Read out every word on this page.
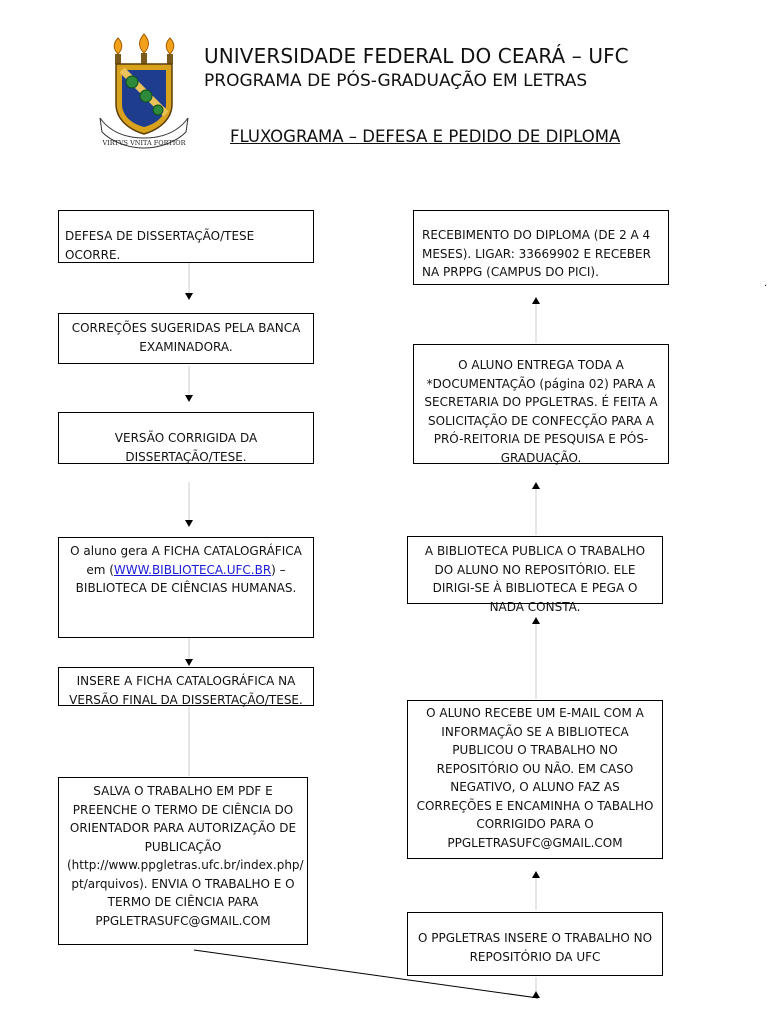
VIRTVS VNITA FORTIOR
UNIVERSIDADE FEDERAL DO CEARÁ – UFC
PROGRAMA DE PÓS-GRADUAÇÃO EM LETRAS
FLUXOGRAMA – DEFESA E PEDIDO DE DIPLOMA

DEFESA DE DISSERTAÇÃO/TESE OCORRE.

CORREÇÕES SUGERIDAS PELA BANCA EXAMINADORA.

VERSÃO CORRIGIDA DA DISSERTAÇÃO/TESE.

O aluno gera A FICHA CATALOGRÁFICA em (WWW.BIBLIOTECA.UFC.BR) – BIBLIOTECA DE CIÊNCIAS HUMANAS.

INSERE A FICHA CATALOGRÁFICA NA VERSÃO FINAL DA DISSERTAÇÃO/TESE.

SALVA O TRABALHO EM PDF E PREENCHE O TERMO DE CIÊNCIA DO ORIENTADOR PARA AUTORIZAÇÃO DE PUBLICAÇÃO (http://www.ppgletras.ufc.br/index.php/ pt/arquivos). ENVIA O TRABALHO E O TERMO DE CIÊNCIA PARA PPGLETRASUFC@GMAIL.COM

RECEBIMENTO DO DIPLOMA (DE 2 A 4 MESES). LIGAR: 33669902 E RECEBER NA PRPPG (CAMPUS DO PICI).

O ALUNO ENTREGA TODA A *DOCUMENTAÇÃO (página 02) PARA A SECRETARIA DO PPGLETRAS. É FEITA A SOLICITAÇÃO DE CONFECÇÃO PARA A PRÓ-REITORIA DE PESQUISA E PÓS-GRADUAÇÃO.

A BIBLIOTECA PUBLICA O TRABALHO DO ALUNO NO REPOSITÓRIO. ELE DIRIGI-SE À BIBLIOTECA E PEGA O NADA CONSTA.

O ALUNO RECEBE UM E-MAIL COM A INFORMAÇÃO SE A BIBLIOTECA PUBLICOU O TRABALHO NO REPOSITÓRIO OU NÃO. EM CASO NEGATIVO, O ALUNO FAZ AS CORREÇÕES E ENCAMINHA O TABALHO CORRIGIDO PARA O PPGLETRASUFC@GMAIL.COM

O PPGLETRAS INSERE O TRABALHO NO REPOSITÓRIO DA UFC

.
